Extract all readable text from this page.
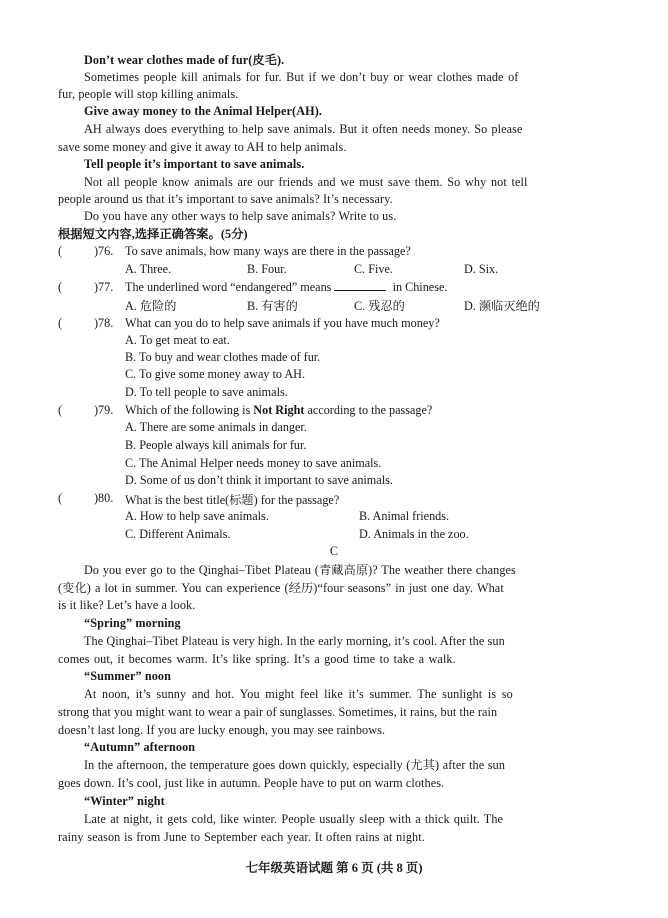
Don’t wear clothes made of fur(皮毛).
Sometimes people kill animals for fur. But if we don’t buy or wear clothes made of
fur, people will stop killing animals.
Give away money to the Animal Helper(AH).
AH always does everything to help save animals. But it often needs money. So please
save some money and give it away to AH to help animals.
Tell people it’s important to save animals.
Not all people know animals are our friends and we must save them. So why not tell
people around us that it’s important to save animals? It’s necessary.
Do you have any other ways to help save animals? Write to us.
根据短文内容,选择正确答案。(5分)
(	)76. To save animals, how many ways are there in the passage?
A. Three.	B. Four.	C. Five.	D. Six.
(	)77. The underlined word “endangered” means	in Chinese.
A. 危险的	B. 有害的	C. 残忍的	D. 濒临灭绝的
(	)78. What can you do to help save animals if you have much money?
A. To get meat to eat.
B. To buy and wear clothes made of fur.
C. To give some money away to AH.
D. To tell people to save animals.
(	)79. Which of the following is Not Right according to the passage?
A. There are some animals in danger.
B. People always kill animals for fur.
C. The Animal Helper needs money to save animals.
D. Some of us don’t think it important to save animals.
(	)80. What is the best title(标题) for the passage?
A. How to help save animals.	B. Animal friends.
C. Different Animals.	D. Animals in the zoo.
C
Do you ever go to the Qinghai–Tibet Plateau (青藏高原)? The weather there changes
(变化) a lot in summer. You can experience (经历)“four seasons” in just one day. What
is it like? Let’s have a look.
“Spring” morning
The Qinghai–Tibet Plateau is very high. In the early morning, it’s cool. After the sun
comes out, it becomes warm. It’s like spring. It’s a good time to take a walk.
“Summer” noon
At noon, it’s sunny and hot. You might feel like it’s summer. The sunlight is so
strong that you might want to wear a pair of sunglasses. Sometimes, it rains, but the rain
doesn’t last long. If you are lucky enough, you may see rainbows.
“Autumn” afternoon
In the afternoon, the temperature goes down quickly, especially (尤其) after the sun
goes down. It’s cool, just like in autumn. People have to put on warm clothes.
“Winter” night
Late at night, it gets cold, like winter. People usually sleep with a thick quilt. The
rainy season is from June to September each year. It often rains at night.
七年级英语试题 第 6 页 (共 8 页)
